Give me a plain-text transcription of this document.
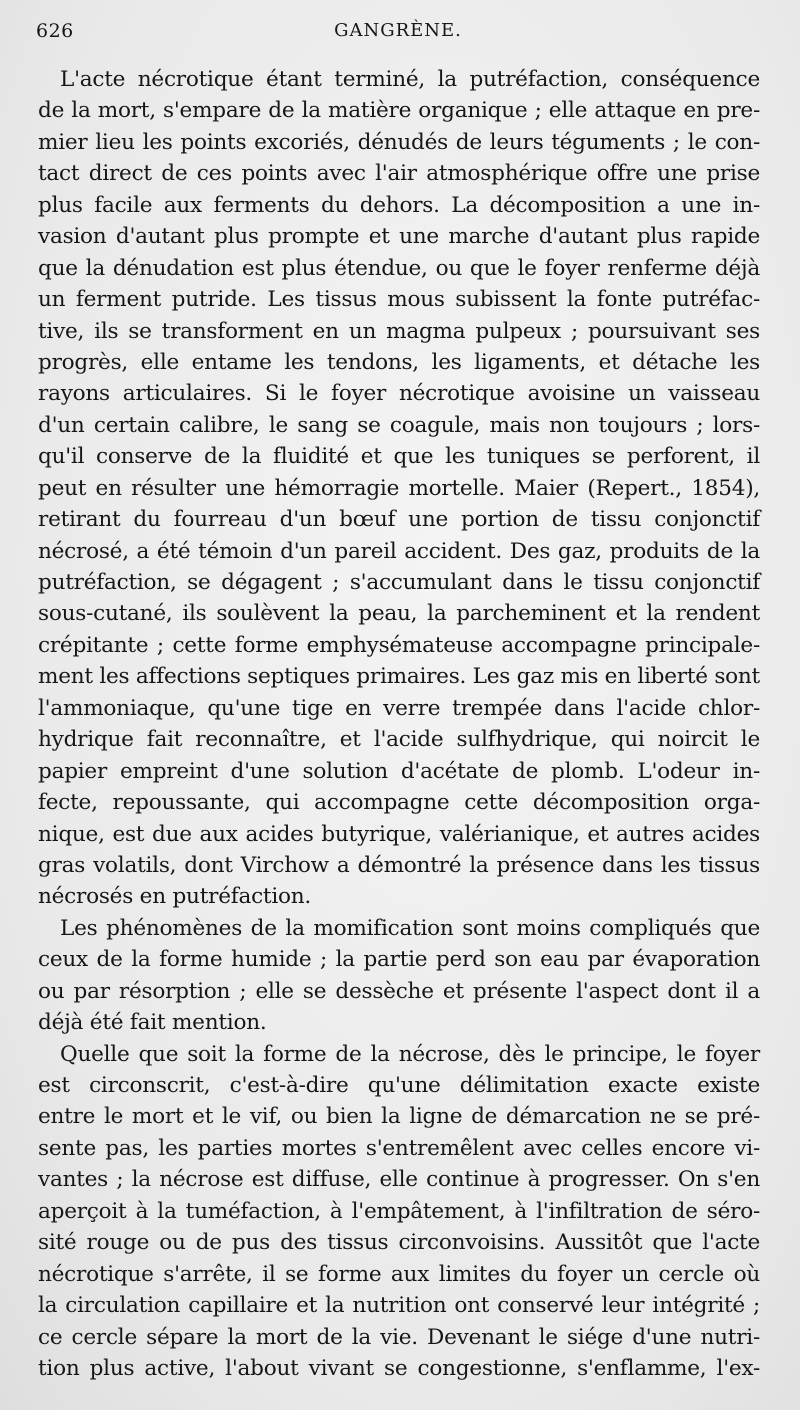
626	GANGRÈNE.
L'acte nécrotique étant terminé, la putréfaction, conséquence
de la mort, s'empare de la matière organique ; elle attaque en pre-
mier lieu les points excoriés, dénudés de leurs téguments ; le con-
tact direct de ces points avec l'air atmosphérique offre une prise
plus facile aux ferments du dehors. La décomposition a une in-
vasion d'autant plus prompte et une marche d'autant plus rapide
que la dénudation est plus étendue, ou que le foyer renferme déjà
un ferment putride. Les tissus mous subissent la fonte putréfac-
tive, ils se transforment en un magma pulpeux ; poursuivant ses
progrès, elle entame les tendons, les ligaments, et détache les
rayons articulaires. Si le foyer nécrotique avoisine un vaisseau
d'un certain calibre, le sang se coagule, mais non toujours ; lors-
qu'il conserve de la fluidité et que les tuniques se perforent, il
peut en résulter une hémorragie mortelle. Maier (Repert., 1854),
retirant du fourreau d'un bœuf une portion de tissu conjonctif
nécrosé, a été témoin d'un pareil accident. Des gaz, produits de la
putréfaction, se dégagent ; s'accumulant dans le tissu conjonctif
sous-cutané, ils soulèvent la peau, la parcheminent et la rendent
crépitante ; cette forme emphysémateuse accompagne principale-
ment les affections septiques primaires. Les gaz mis en liberté sont
l'ammoniaque, qu'une tige en verre trempée dans l'acide chlor-
hydrique fait reconnaître, et l'acide sulfhydrique, qui noircit le
papier empreint d'une solution d'acétate de plomb. L'odeur in-
fecte, repoussante, qui accompagne cette décomposition orga-
nique, est due aux acides butyrique, valérianique, et autres acides
gras volatils, dont Virchow a démontré la présence dans les tissus
nécrosés en putréfaction.
Les phénomènes de la momification sont moins compliqués que
ceux de la forme humide ; la partie perd son eau par évaporation
ou par résorption ; elle se dessèche et présente l'aspect dont il a
déjà été fait mention.
Quelle que soit la forme de la nécrose, dès le principe, le foyer
est circonscrit, c'est-à-dire qu'une délimitation exacte existe
entre le mort et le vif, ou bien la ligne de démarcation ne se pré-
sente pas, les parties mortes s'entremêlent avec celles encore vi-
vantes ; la nécrose est diffuse, elle continue à progresser. On s'en
aperçoit à la tuméfaction, à l'empâtement, à l'infiltration de séro-
sité rouge ou de pus des tissus circonvoisins. Aussitôt que l'acte
nécrotique s'arrête, il se forme aux limites du foyer un cercle où
la circulation capillaire et la nutrition ont conservé leur intégrité ;
ce cercle sépare la mort de la vie. Devenant le siége d'une nutri-
tion plus active, l'about vivant se congestionne, s'enflamme, l'ex-
